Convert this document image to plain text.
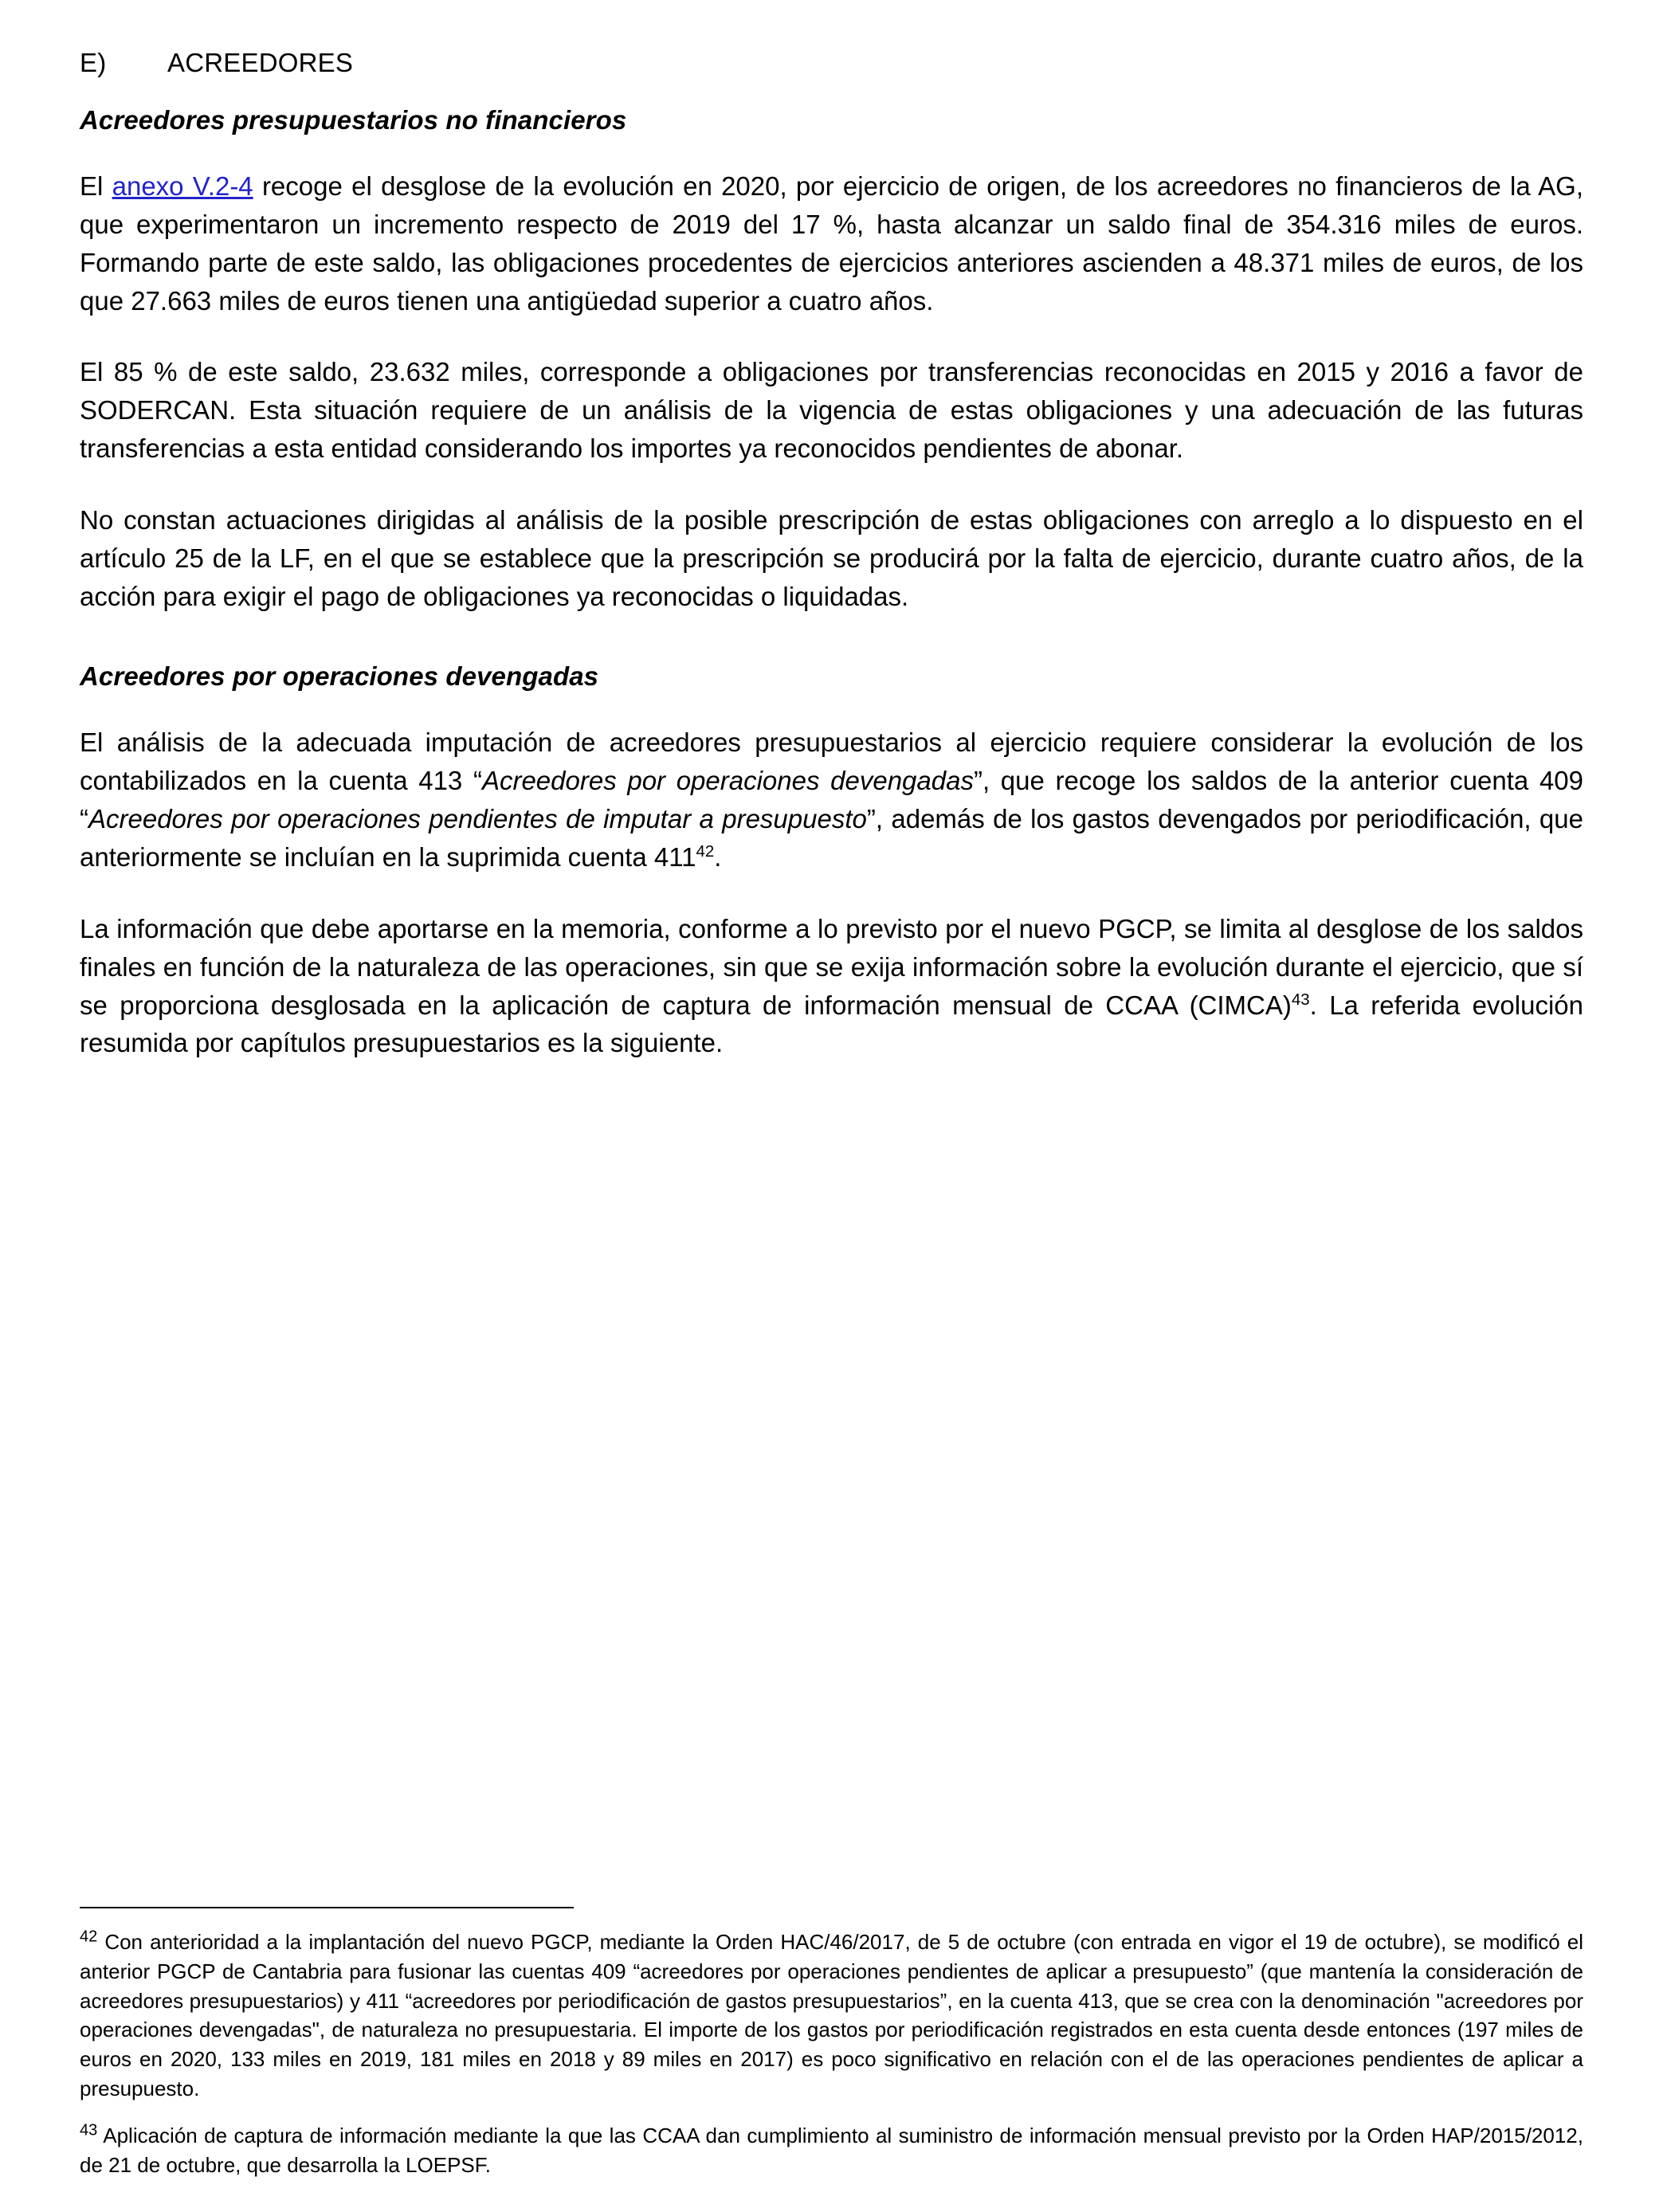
E)	ACREEDORES
Acreedores presupuestarios no financieros

El anexo V.2-4 recoge el desglose de la evolución en 2020, por ejercicio de origen, de los acreedores no financieros de la AG, que experimentaron un incremento respecto de 2019 del 17 %, hasta alcanzar un saldo final de 354.316 miles de euros. Formando parte de este saldo, las obligaciones procedentes de ejercicios anteriores ascienden a 48.371 miles de euros, de los que 27.663 miles de euros tienen una antigüedad superior a cuatro años.

El 85 % de este saldo, 23.632 miles, corresponde a obligaciones por transferencias reconocidas en 2015 y 2016 a favor de SODERCAN. Esta situación requiere de un análisis de la vigencia de estas obligaciones y una adecuación de las futuras transferencias a esta entidad considerando los importes ya reconocidos pendientes de abonar.

No constan actuaciones dirigidas al análisis de la posible prescripción de estas obligaciones con arreglo a lo dispuesto en el artículo 25 de la LF, en el que se establece que la prescripción se producirá por la falta de ejercicio, durante cuatro años, de la acción para exigir el pago de obligaciones ya reconocidas o liquidadas.

Acreedores por operaciones devengadas

El análisis de la adecuada imputación de acreedores presupuestarios al ejercicio requiere considerar la evolución de los contabilizados en la cuenta 413 “Acreedores por operaciones devengadas”, que recoge los saldos de la anterior cuenta 409 “Acreedores por operaciones pendientes de imputar a presupuesto”, además de los gastos devengados por periodificación, que anteriormente se incluían en la suprimida cuenta $411^{42}$.

La información que debe aportarse en la memoria, conforme a lo previsto por el nuevo PGCP, se limita al desglose de los saldos finales en función de la naturaleza de las operaciones, sin que se exija información sobre la evolución durante el ejercicio, que sí se proporciona desglosada en la aplicación de captura de información mensual de CCAA (CIMCA)$^{43}$. La referida evolución resumida por capítulos presupuestarios es la siguiente.

$^{42}$ Con anterioridad a la implantación del nuevo PGCP, mediante la Orden HAC/46/2017, de 5 de octubre (con entrada en vigor el 19 de octubre), se modificó el anterior PGCP de Cantabria para fusionar las cuentas 409 “acreedores por operaciones pendientes de aplicar a presupuesto” (que mantenía la consideración de acreedores presupuestarios) y 411 “acreedores por periodificación de gastos presupuestarios”, en la cuenta 413, que se crea con la denominación "acreedores por operaciones devengadas", de naturaleza no presupuestaria. El importe de los gastos por periodificación registrados en esta cuenta desde entonces (197 miles de euros en 2020, 133 miles en 2019, 181 miles en 2018 y 89 miles en 2017) es poco significativo en relación con el de las operaciones pendientes de aplicar a presupuesto.

$^{43}$ Aplicación de captura de información mediante la que las CCAA dan cumplimiento al suministro de información mensual previsto por la Orden HAP/2015/2012, de 21 de octubre, que desarrolla la LOEPSF.
